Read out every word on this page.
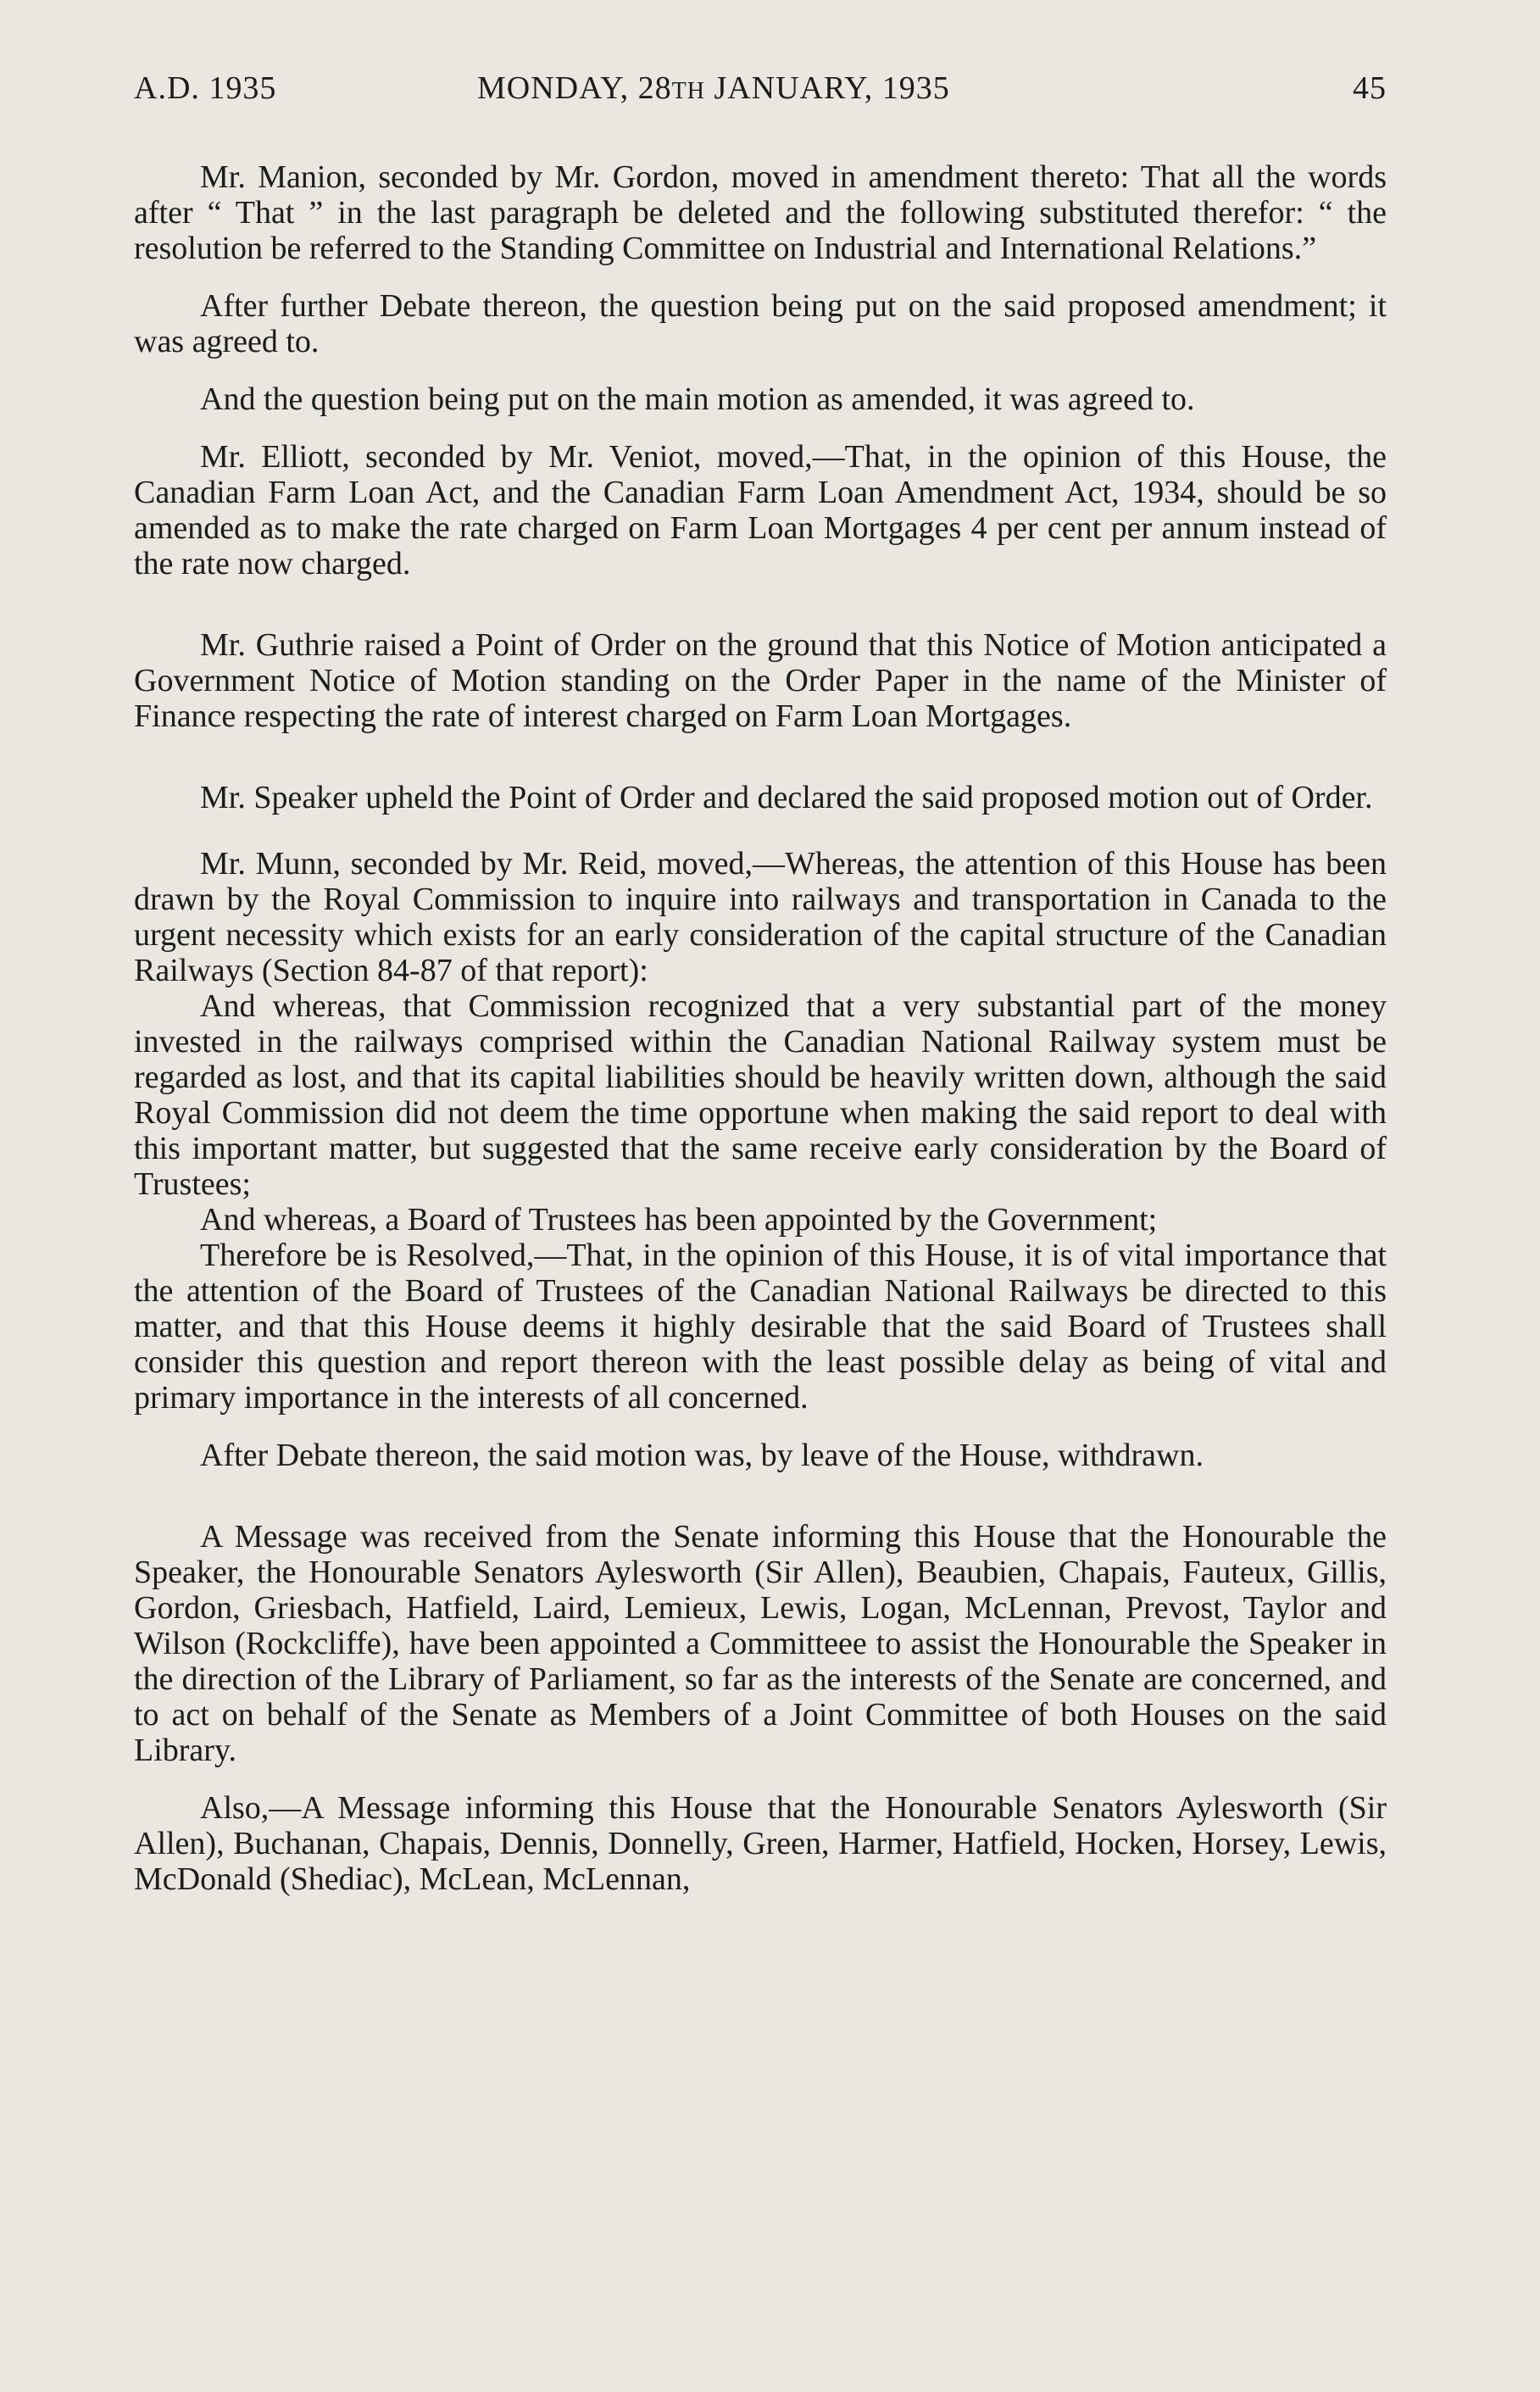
A.D. 1935	MONDAY, 28TH JANUARY, 1935	45

Mr. Manion, seconded by Mr. Gordon, moved in amendment thereto: That all the words after “ That ” in the last paragraph be deleted and the following substituted therefor: “ the resolution be referred to the Standing Committee on Industrial and International Relations.”

After further Debate thereon, the question being put on the said proposed amendment; it was agreed to.

And the question being put on the main motion as amended, it was agreed to.

Mr. Elliott, seconded by Mr. Veniot, moved,—That, in the opinion of this House, the Canadian Farm Loan Act, and the Canadian Farm Loan Amendment Act, 1934, should be so amended as to make the rate charged on Farm Loan Mortgages 4 per cent per annum instead of the rate now charged.

Mr. Guthrie raised a Point of Order on the ground that this Notice of Motion anticipated a Government Notice of Motion standing on the Order Paper in the name of the Minister of Finance respecting the rate of interest charged on Farm Loan Mortgages.

Mr. Speaker upheld the Point of Order and declared the said proposed motion out of Order.

Mr. Munn, seconded by Mr. Reid, moved,—Whereas, the attention of this House has been drawn by the Royal Commission to inquire into railways and transportation in Canada to the urgent necessity which exists for an early consideration of the capital structure of the Canadian Railways (Section 84-87 of that report):

And whereas, that Commission recognized that a very substantial part of the money invested in the railways comprised within the Canadian National Railway system must be regarded as lost, and that its capital liabilities should be heavily written down, although the said Royal Commission did not deem the time opportune when making the said report to deal with this important matter, but suggested that the same receive early consideration by the Board of Trustees;

And whereas, a Board of Trustees has been appointed by the Government;

Therefore be is Resolved,—That, in the opinion of this House, it is of vital importance that the attention of the Board of Trustees of the Canadian National Railways be directed to this matter, and that this House deems it highly desirable that the said Board of Trustees shall consider this question and report thereon with the least possible delay as being of vital and primary importance in the interests of all concerned.

After Debate thereon, the said motion was, by leave of the House, withdrawn.

A Message was received from the Senate informing this House that the Honourable the Speaker, the Honourable Senators Aylesworth (Sir Allen), Beaubien, Chapais, Fauteux, Gillis, Gordon, Griesbach, Hatfield, Laird, Lemieux, Lewis, Logan, McLennan, Prevost, Taylor and Wilson (Rockcliffe), have been appointed a Committeee to assist the Honourable the Speaker in the direction of the Library of Parliament, so far as the interests of the Senate are concerned, and to act on behalf of the Senate as Members of a Joint Committee of both Houses on the said Library.

Also,—A Message informing this House that the Honourable Senators Aylesworth (Sir Allen), Buchanan, Chapais, Dennis, Donnelly, Green, Harmer, Hatfield, Hocken, Horsey, Lewis, McDonald (Shediac), McLean, McLennan,
